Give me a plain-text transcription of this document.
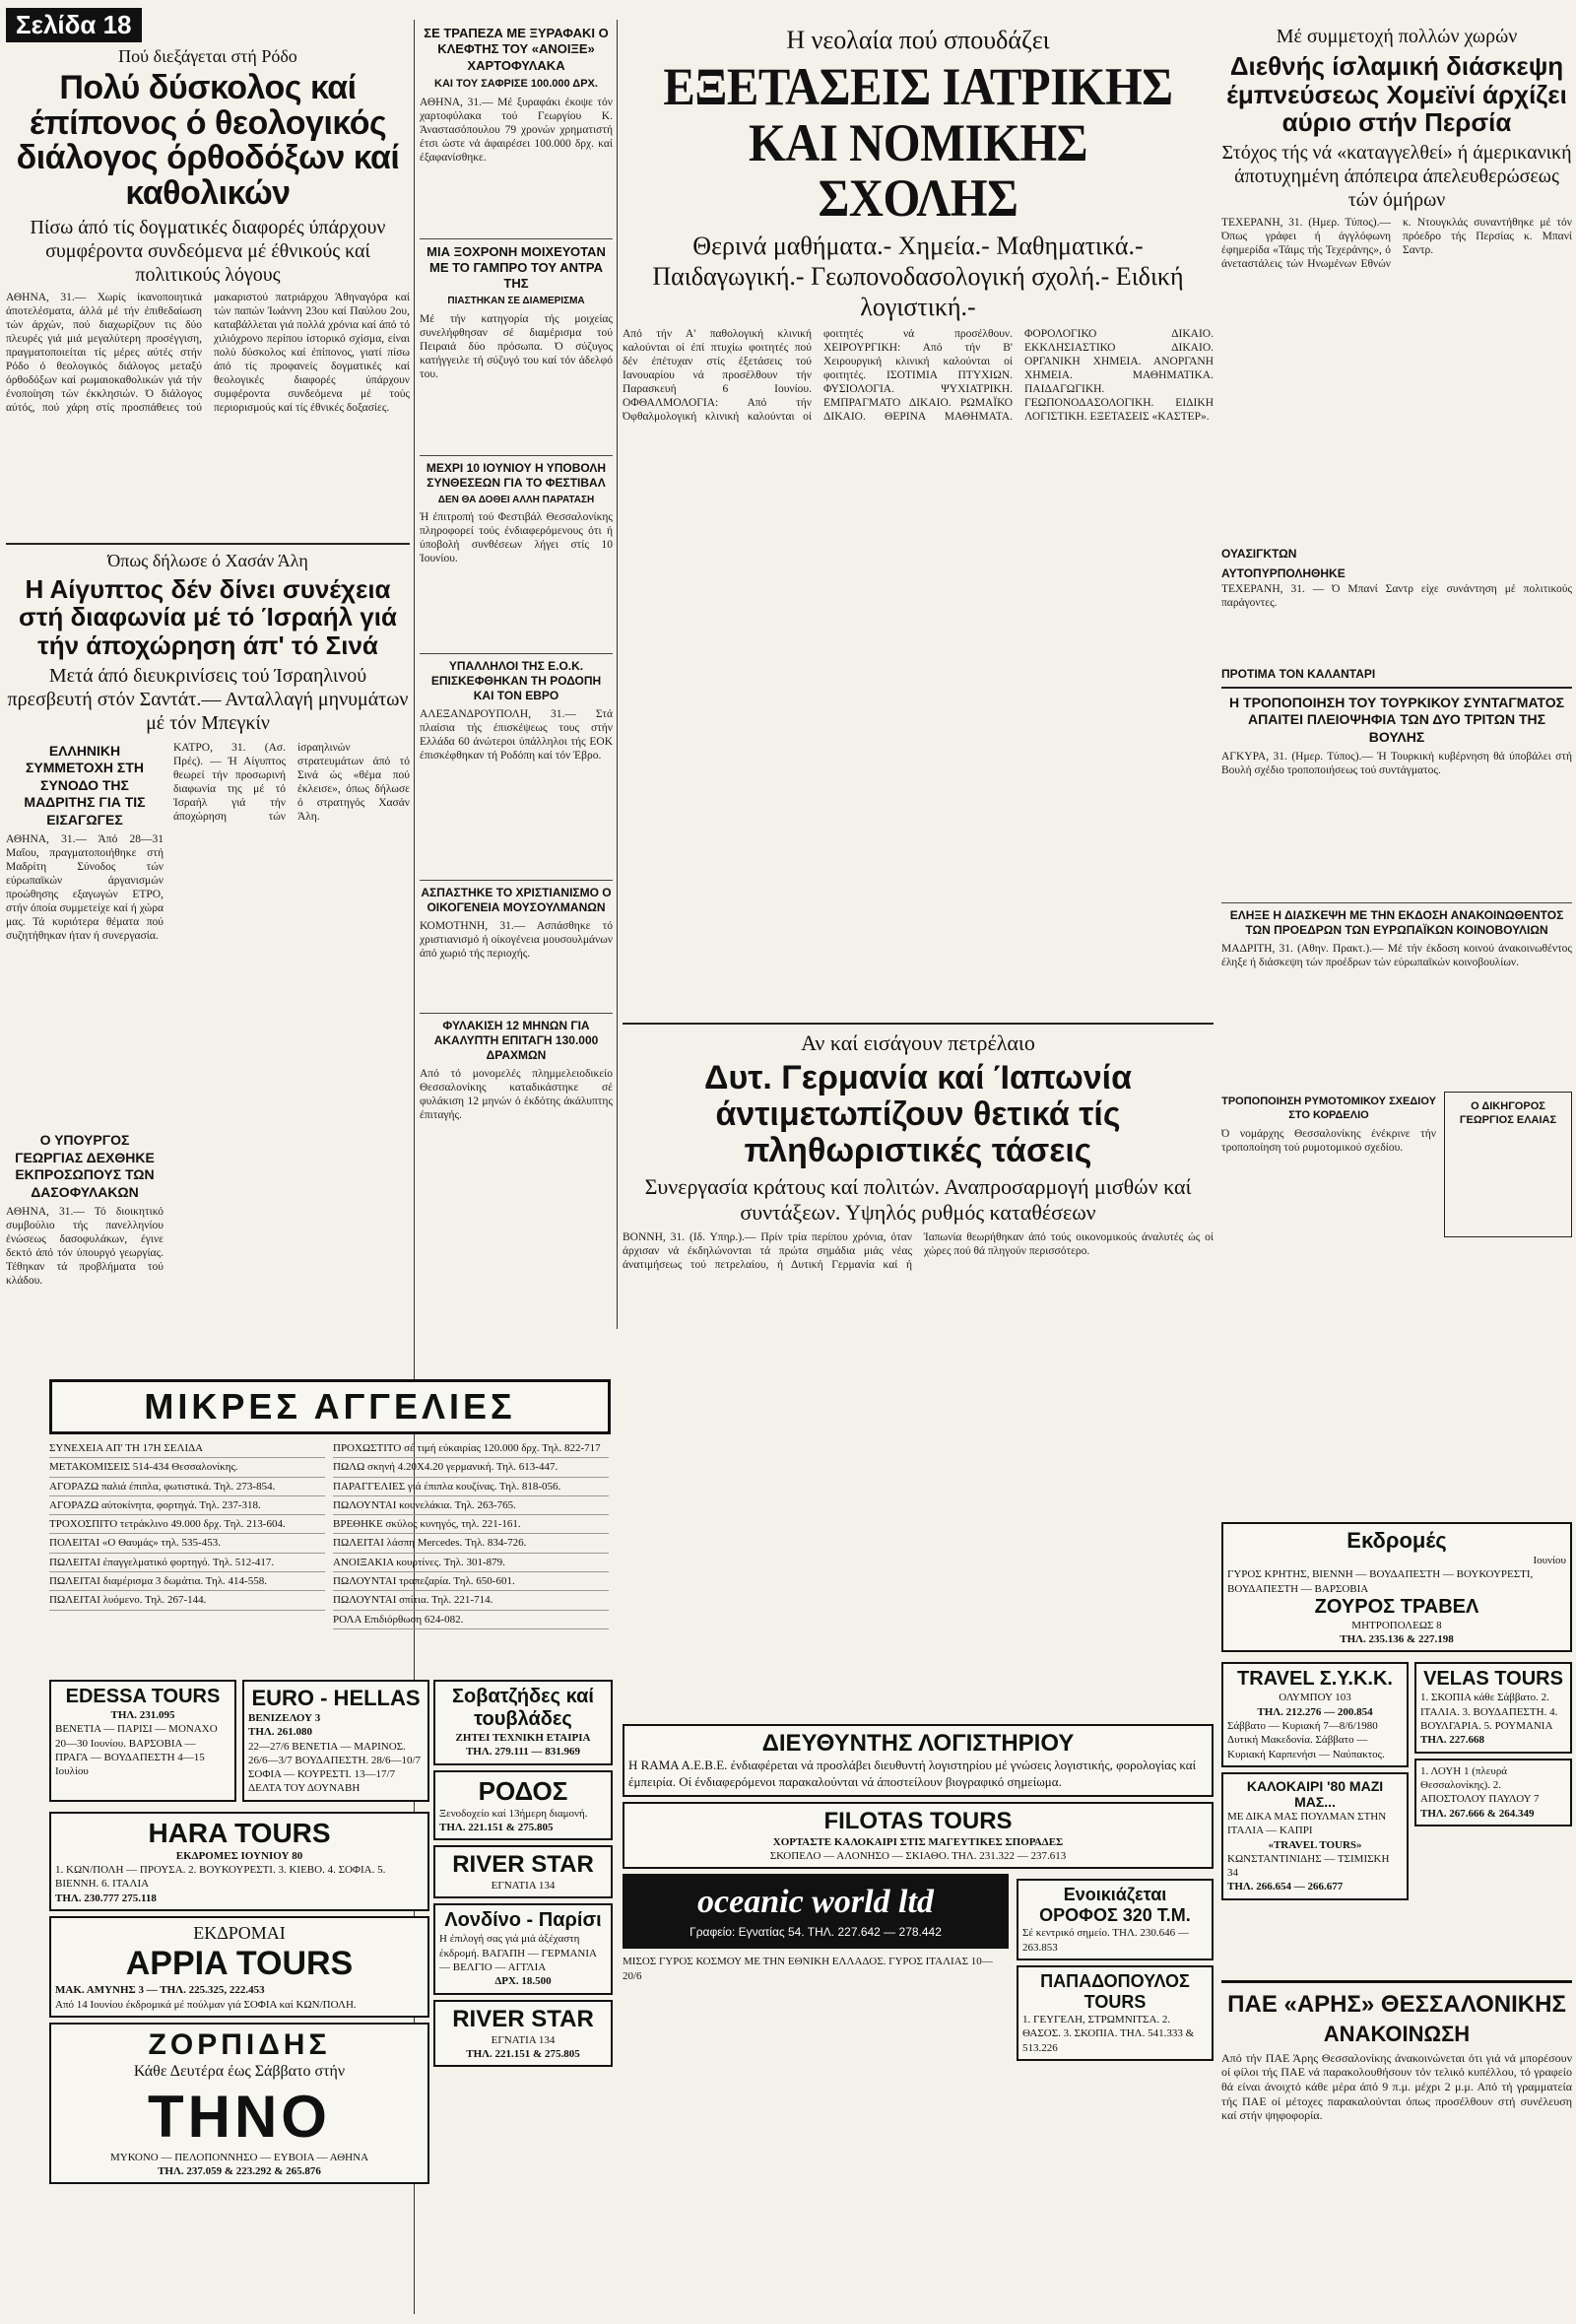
Σελίδα 18
Πού διεξάγεται στή Ρόδο
Πολύ δύσκολος καί έπίπονος ό θεολογικός διάλογος όρθοδόξων καί καθολικών
Πίσω άπό τίς δογματικές διαφορές ύπάρχουν συμφέροντα συνδεόμενα μέ έθνικούς καί πολιτικούς λόγους
ΑΘΗΝΑ, 31.— Χωρίς ίκανοποιητικά άποτελέσματα, άλλά μέ τήν έπιθεδαίωση τών άρχών, πού διαχωρίζουν τις δύο πλευρές γιά μιά μεγαλύτερη προσέγγιση, πραγματοποιείται τίς μέρες αύτές στήν Ρόδο ό θεολογικός διάλογος μεταξύ όρθοδόξων καί ρωμαιοκαθολικών γιά τήν ένοποίηση τών έκκλησιών. Ό διάλογος αύτός, πού χάρη στίς προσπάθειες τού μακαριστού πατριάρχου Άθηναγόρα καί τών παπών Ίωάννη 23ου καί Παύλου 2ου, καταβάλλεται γιά πολλά χρόνια καί άπό τό χιλιόχρονο περίπου ίστορικό σχίσμα, είναι πολύ δύσκολος καί έπίπονος, γιατί πίσω άπό τίς προφανείς δογματικές καί θεολογικές διαφορές ύπάρχουν συμφέροντα συνδεόμενα μέ τούς περιορισμούς καί τίς έθνικές δοξασίες.
Όπως δήλωσε ό Χασάν Άλη
Η Αίγυπτος δέν δίνει συνέχεια στή διαφωνία μέ τό Ίσραήλ γιά τήν άποχώρηση άπ' τό Σινά
Μετά άπό διευκρινίσεις τού Ίσραηλινού πρεσβευτή στόν Σαντάτ.— Ανταλλαγή μηνυμάτων μέ τόν Μπεγκίν
ΕΛΛΗΝΙΚΗ ΣΥΜΜΕΤΟΧΗ ΣΤΗ ΣΥΝΟΔΟ ΤΗΣ ΜΑΔΡΙΤΗΣ ΓΙΑ ΤΙΣ ΕΙΣΑΓΩΓΕΣ
ΑΘΗΝΑ, 31.— Άπό 28—31 Μαΐου, πραγματοποιήθηκε στή Μαδρίτη Σύνοδος τών εύρωπαϊκών άργανισμών προώθησης εξαγωγών ΕΤΡΟ, στήν όποία συμμετείχε καί ή χώρα μας. Τά κυριότερα θέματα πού συζητήθηκαν ήταν ή συνεργασία.
Ο ΥΠΟΥΡΓΟΣ ΓΕΩΡΓΙΑΣ ΔΕΧΘΗΚΕ ΕΚΠΡΟΣΩΠΟΥΣ ΤΩΝ ΔΑΣΟΦΥΛΑΚΩΝ
ΑΘΗΝΑ, 31.— Τό διοικητικό συμβούλιο τής πανελληνίου ένώσεως δασοφυλάκων, έγινε δεκτό άπό τόν ύπουργό γεωργίας. Τέθηκαν τά προβλήματα τού κλάδου.
ΚΑΤΡΟ, 31. (Ασ. Πρές). — Ή Αίγυπτος θεωρεί τήν προσωρινή διαφωνία της μέ τό Ίσραήλ γιά τήν άποχώρηση τών ίσραηλινών στρατευμάτων άπό τό Σινά ώς «θέμα πού έκλεισε», όπως δήλωσε ό στρατηγός Χασάν Άλη.
ΣΕ ΤΡΑΠΕΖΑ ΜΕ ΞΥΡΑΦΑΚΙ Ο ΚΛΕΦΤΗΣ ΤΟΥ «ΑΝΟΙΞΕ» ΧΑΡΤΟΦΥΛΑΚΑ
ΚΑΙ ΤΟΥ ΣΑΦΡΙΣΕ 100.000 ΔΡΧ.
ΑΘΗΝΑ, 31.— Μέ ξυραφάκι έκοψε τόν χαρτοφύλακα τού Γεωργίου Κ. Άναστασόπουλου 79 χρονών χρηματιστή έτσι ώστε νά άφαιρέσει 100.000 δρχ. καί έξαφανίσθηκε.
ΜΙΑ ΞΟΧΡΟΝΗ ΜΟΙΧΕΥΟΤΑΝ ΜΕ ΤΟ ΓΑΜΠΡΟ ΤΟΥ ΑΝΤΡΑ ΤΗΣ
ΠΙΑΣΤΗΚΑΝ ΣΕ ΔΙΑΜΕΡΙΣΜΑ
Μέ τήν κατηγορία τής μοιχείας συνελήφθησαν σέ διαμέρισμα τού Πειραιά δύο πρόσωπα. Ό σύζυγος κατήγγειλε τή σύζυγό του καί τόν άδελφό του.
ΜΕΧΡΙ 10 ΙΟΥΝΙΟΥ Η ΥΠΟΒΟΛΗ ΣΥΝΘΕΣΕΩΝ ΓΙΑ ΤΟ ΦΕΣΤΙΒΑΛ
ΔΕΝ ΘΑ ΔΟΘΕΙ ΑΛΛΗ ΠΑΡΑΤΑΣΗ
Ή έπιτροπή τού Φεστιβάλ Θεσσαλονίκης πληροφορεί τούς ένδιαφερόμενους ότι ή ύποβολή συνθέσεων λήγει στίς 10 Ίουνίου.
ΥΠΑΛΛΗΛΟΙ ΤΗΣ Ε.Ο.Κ. ΕΠΙΣΚΕΦΘΗΚΑΝ ΤΗ ΡΟΔΟΠΗ ΚΑΙ ΤΟΝ ΕΒΡΟ
ΑΛΕΞΑΝΔΡΟΥΠΟΛΗ, 31.— Στά πλαίσια τής έπισκέψεως τους στήν Ελλάδα 60 άνώτεροι ύπάλληλοι τής ΕΟΚ έπισκέφθηκαν τή Ρoδόπη καί τόν Έβρο.
ΑΣΠΑΣΤΗΚΕ ΤΟ ΧΡΙΣΤΙΑΝΙΣΜΟ Ο ΟΙΚΟΓΕΝΕΙΑ ΜΟΥΣΟΥΛΜΑΝΩΝ
ΚΟΜΟΤΗΝΗ, 31.— Ασπάσθηκε τό χριστιανισμό ή οίκογένεια μουσουλμάνων άπό χωριό τής περιοχής.
ΦΥΛΑΚΙΣΗ 12 ΜΗΝΩΝ ΓΙΑ ΑΚΑΛΥΠΤΗ ΕΠΙΤΑΓΗ 130.000 ΔΡΑΧΜΩΝ
Από τό μονομελές πλημμελειοδικείο Θεσσαλονίκης καταδικάστηκε σέ φυλάκιση 12 μηνών ό έκδότης άκάλυπτης έπιταγής.
Η νεολαία πού σπουδάζει
ΕΞΕΤΑΣΕΙΣ ΙΑΤΡΙΚΗΣ ΚΑΙ ΝΟΜΙΚΗΣ ΣΧΟΛΗΣ
Θερινά μαθήματα.- Χημεία.- Μαθηματικά.- Παιδαγωγική.- Γεωπονοδασολογική σχολή.- Ειδική λογιστική.-
Από τήν Α' παθολογική κλινική καλούνται οί έπί πτυχίω φοιτητές πού δέν έπέτυχαν στίς έξετάσεις τού Ιανουαρίου νά προσέλθουν τήν Παρασκευή 6 Ιουνίου. ΟΦΘΑΛΜΟΛΟΓΙΑ: Από τήν Όφθαλμολογική κλινική καλούνται οί φοιτητές νά προσέλθουν. ΧΕΙΡΟΥΡΓΙΚΗ: Από τήν Β' Χειρουργική κλινική καλούνται οί φοιτητές. ΙΣΟΤΙΜΙΑ ΠΤΥΧΙΩΝ. ΦΥΣΙΟΛΟΓΙΑ. ΨΥΧΙΑΤΡΙΚΗ. ΕΜΠΡΑΓΜΑΤΟ ΔΙΚΑΙΟ. ΡΩΜΑΪΚΟ ΔΙΚΑΙΟ. ΘΕΡΙΝΑ ΜΑΘΗΜΑΤΑ. ΦΟΡΟΛΟΓΙΚΟ ΔΙΚΑΙΟ. ΕΚΚΛΗΣΙΑΣΤΙΚΟ ΔΙΚΑΙΟ. ΟΡΓΑΝΙΚΗ ΧΗΜΕΙΑ. ΑΝΟΡΓΑΝΗ ΧΗΜΕΙΑ. ΜΑΘΗΜΑΤΙΚΑ. ΠΑΙΔΑΓΩΓΙΚΗ. ΓΕΩΠΟΝΟΔΑΣΟΛΟΓΙΚΗ. ΕΙΔΙΚΗ ΛΟΓΙΣΤΙΚΗ. ΕΞΕΤΑΣΕΙΣ «ΚΑΣΤΕΡ».
Αν καί εισάγουν πετρέλαιο
Δυτ. Γερμανία καί Ίαπωνία άντιμετωπίζουν θετικά τίς πληθωριστικές τάσεις
Συνεργασία κράτους καί πολιτών. Αναπροσαρμογή μισθών καί συντάξεων. Υψηλός ρυθμός καταθέσεων
ΒΟΝΝΗ, 31. (Ιδ. Υπηρ.).— Πρίν τρία περίπου χρόνια, όταν άρχισαν νά έκδηλώνονται τά πρώτα σημάδια μιάς νέας άνατιμήσεως τού πετρελαίου, ή Δυτική Γερμανία καί ή Ίαπωνία θεωρήθηκαν άπό τούς οικονομικούς άναλυτές ώς οί χώρες πού θά πληγούν περισσότερο.
Μέ συμμετοχή πολλών χωρών
Διεθνής ίσλαμική διάσκεψη έμπνεύσεως Χομεϊνί άρχίζει αύριο στήν Περσία
Στόχος τής νά «καταγγελθεί» ή άμερικανική άποτυχημένη άπόπειρα άπελευθερώσεως τών όμήρων
ΤΕΧΕΡΑΝΗ, 31. (Ημερ. Τύπος).— Όπως γράφει ή άγγλόφωνη έφημερίδα «Τάιμς τής Τεχεράνης», ό άνεταστάλεις τών Ηνωμένων Εθνών κ. Ντουγκλάς συναντήθηκε μέ τόν πρόεδρο τής Περσίας κ. Μπανί Σαντρ.
ΟΥΑΣΙΓΚΤΩΝ
ΑΥΤΟΠΥΡΠΟΛΗΘΗΚΕ
ΤΕΧΕΡΑΝΗ, 31. — Ό Μπανί Σαντρ είχε συνάντηση μέ πολιτικούς παράγοντες.
ΠΡΟΤΙΜΑ ΤΟΝ ΚΑΛΑΝΤΑΡΙ
Η ΤΡΟΠΟΠΟΙΗΣΗ ΤΟΥ ΤΟΥΡΚΙΚΟΥ ΣΥΝΤΑΓΜΑΤΟΣ ΑΠΑΙΤΕΙ ΠΛΕΙΟΨΗΦΙΑ ΤΩΝ ΔΥΟ ΤΡΙΤΩΝ ΤΗΣ ΒΟΥΛΗΣ
ΑΓΚΥΡΑ, 31. (Ημερ. Τύπος).— Ή Τουρκική κυβέρνηση θά ύποβάλει στή Βουλή σχέδιο τροποποιήσεως τού συντάγματος.
ΕΛΗΞΕ Η ΔΙΑΣΚΕΨΗ ΜΕ ΤΗΝ ΕΚΔΟΣΗ ΑΝΑΚΟΙΝΩΘΕΝΤΟΣ ΤΩΝ ΠΡΟΕΔΡΩΝ ΤΩΝ ΕΥΡΩΠΑΪΚΩΝ ΚΟΙΝΟΒΟΥΛΙΩΝ
ΜΑΔΡΙΤΗ, 31. (Αθην. Πρακτ.).— Μέ τήν έκδοση κοινού άνακοινωθέντος έληξε ή διάσκεψη τών προέδρων τών εύρωπαϊκών κοινοβουλίων.
ΤΡΟΠΟΠΟΙΗΣΗ ΡΥΜΟΤΟΜΙΚΟΥ ΣΧΕΔΙΟΥ ΣΤΟ ΚΟΡΔΕΛΙΟ
Ό νομάρχης Θεσσαλονίκης ένέκρινε τήν τροποποίηση τού ρυμοτομικού σχεδίου.
Ο ΔΙΚΗΓΟΡΟΣ ΓΕΩΡΓΙΟΣ ΕΛΑΙΑΣ
ΜΙΚΡΕΣ ΑΓΓΕΛΙΕΣ
ΣΥΝΕΧΕΙΑ ΑΠ' ΤΗ 17Η ΣΕΛΙΔΑ
ΜΕΤΑΚΟΜΙΣΕΙΣ 514-434 Θεσσαλονίκης.
ΑΓΟΡΑΖΩ παλιά έπιπλα, φωτιστικά. Τηλ. 273-854.
ΑΓΟΡΑΖΩ αύτοκίνητα, φορτηγά. Τηλ. 237-318.
ΤΡΟΧΟΣΠΙΤΟ τετράκλινο 49.000 δρχ. Τηλ. 213-604.
ΠΟΛΕΙΤΑΙ «Ο Θαυμάς» τηλ. 535-453.
ΠΩΛΕΙΤΑΙ έπαγγελματικό φορτηγό. Τηλ. 512-417.
ΠΩΛΕΙΤΑΙ διαμέρισμα 3 δωμάτια. Τηλ. 414-558.
ΠΩΛΕΙΤΑΙ λυόμενο. Τηλ. 267-144.
ΠΡΟΧΩΣΤΙΤΟ σέ τιμή εύκαιρίας 120.000 δρχ. Τηλ. 822-717
ΠΩΛΩ σκηνή 4.20Χ4.20 γερμανική. Τηλ. 613-447.
ΠΑΡΑΓΓΕΛΙΕΣ γιά έπιπλα κουζίνας. Τηλ. 818-056.
ΠΩΛΟΥΝΤΑΙ κουνελάκια. Τηλ. 263-765.
ΒΡΕΘΗΚΕ σκύλος κυνηγός, τηλ. 221-161.
ΠΩΛΕΙΤΑΙ λάσπη Mercedes. Τηλ. 834-726.
ΑΝΟΙΞΑΚΙΑ κουρτίνες. Τηλ. 301-879.
ΠΩΛΟΥΝΤΑΙ τραπεζαρία. Τηλ. 650-601.
ΠΩΛΟΥΝΤΑΙ σπίτια. Τηλ. 221-714.
ΡΟΛΑ Επιδιόρθωση 624-082.
EDESSA TOURS
ΤΗΛ. 231.095
ΒΕΝΕΤΙΑ — ΠΑΡΙΣΙ — ΜΟΝΑΧΟ 20—30 Ιουνίου. ΒΑΡΣΟΒΙΑ — ΠΡΑΓΑ — ΒΟΥΔΑΠΕΣΤΗ 4—15 Ιουλίου
EURO - HELLAS
ΒΕΝΙΖΕΛΟΥ 3
ΤΗΛ. 261.080
22—27/6 ΒΕΝΕΤΙΑ — ΜΑΡΙΝΟΣ. 26/6—3/7 ΒΟΥΔΑΠΕΣΤΗ. 28/6—10/7 ΣΟΦΙΑ — ΚΟΥΡΕΣΤΙ. 13—17/7 ΔΕΛΤΑ ΤΟΥ ΔΟΥΝΑΒΗ
HARA TOURS
ΕΚΔΡΟΜΕΣ ΙΟΥΝΙΟΥ 80
1. ΚΩΝ/ΠΟΛΗ — ΠΡΟΥΣΑ. 2. ΒΟΥΚΟΥΡΕΣΤΙ. 3. ΚΙΕΒΟ. 4. ΣΟΦΙΑ. 5. ΒΙΕΝΝΗ. 6. ΙΤΑΛΙΑ
ΤΗΛ. 230.777 275.118
ΕΚΔΡΟΜΑΙ
APPIA TOURS
ΜΑΚ. ΑΜΥΝΗΣ 3 — ΤΗΛ. 225.325, 222.453
Από 14 Ιουνίου έκδρομικά μέ πούλμαν γιά ΣΟΦΙΑ καί ΚΩΝ/ΠΟΛΗ.
ΖΟΡΠΙΔΗΣ
Κάθε Δευτέρα έως Σάββατο στήν
ΤΗΝΟ
ΜΥΚΟΝΟ — ΠΕΛΟΠΟΝΝΗΣΟ — ΕΥΒΟΙΑ — ΑΘΗΝΑ
ΤΗΛ. 237.059 & 223.292 & 265.876
Σοβατζήδες καί τουβλάδες
ΖΗΤΕΙ ΤΕΧΝΙΚΗ ΕΤΑΙΡΙΑ
ΤΗΛ. 279.111 — 831.969
ΡΟΔΟΣ
Ξενοδοχείο καί 13ήμερη διαμονή.
ΤΗΛ. 221.151 & 275.805
RIVER STAR
ΕΓΝΑΤΙΑ 134
Λονδίνο - Παρίσι
Η έπιλογή σας γιά μιά άξέχαστη έκδρομή. ΒΑΓΑΠΗ — ΓΕΡΜΑΝΙΑ — ΒΕΛΓΙΟ — ΑΓΓΛΙΑ
ΔΡΧ. 18.500
RIVER STAR
ΕΓΝΑΤΙΑ 134
ΤΗΛ. 221.151 & 275.805
ΔΙΕΥΘΥΝΤΗΣ ΛΟΓΙΣΤΗΡΙΟΥ
Η RAMA A.E.B.E. ένδιαφέρεται νά προσλάβει διευθυντή λογιστηρίου μέ γνώσεις λογιστικής, φορολογίας καί έμπειρία. Οί ένδιαφερόμενοι παρακαλούνται νά άποστείλουν βιογραφικό σημείωμα.
FILOTAS TOURS
ΧΟΡΤΑΣΤΕ ΚΑΛΟΚΑΙΡΙ ΣΤΙΣ ΜΑΓΕΥΤΙΚΕΣ ΣΠΟΡΑΔΕΣ
ΣΚΟΠΕΛΟ — ΑΛΟΝΗΣΟ — ΣΚΙΑΘΟ. ΤΗΛ. 231.322 — 237.613
oceanic world ltd
Γραφείο: Εγνατίας 54. ΤΗΛ. 227.642 — 278.442
ΜΙΣΟΣ ΓΥΡΟΣ ΚΟΣΜΟΥ ΜΕ ΤΗΝ ΕΘΝΙΚΗ ΕΛΛΑΔΟΣ. ΓΥΡΟΣ ΙΤΑΛΙΑΣ 10—20/6
Ενοικιάζεται ΟΡΟΦΟΣ 320 Τ.Μ.
Σέ κεντρικό σημείο. ΤΗΛ. 230.646 — 263.853
ΠΑΠΑΔΟΠΟΥΛΟΣ TOURS
1. ΓΕΥΓΕΛΗ, ΣΤΡΩΜΝΙΤΣΑ. 2. ΘΑΣΟΣ. 3. ΣΚΟΠΙΑ. ΤΗΛ. 541.333 & 513.226
Εκδρομές
Ιουνίου
ΓΥΡΟΣ ΚΡΗΤΗΣ, ΒΙΕΝΝΗ — ΒΟΥΔΑΠΕΣΤΗ — ΒΟΥΚΟΥΡΕΣΤΙ, ΒΟΥΔΑΠΕΣΤΗ — ΒΑΡΣΟΒΙΑ
ΖΟΥΡΟΣ ΤΡΑΒΕΛ
ΜΗΤΡΟΠΟΛΕΩΣ 8
ΤΗΛ. 235.136 & 227.198
TRAVEL Σ.Υ.Κ.Κ.
ΟΛΥΜΠΟΥ 103
ΤΗΛ. 212.276 — 200.854
Σάββατο — Κυριακή 7—8/6/1980 Δυτική Μακεδονία. Σάββατο — Κυριακή Καρπενήσι — Ναύπακτος.
ΚΑΛΟΚΑΙΡΙ '80 ΜΑΖΙ ΜΑΣ...
ΜΕ ΔΙΚΑ ΜΑΣ ΠΟΥΛΜΑΝ ΣΤΗΝ ΙΤΑΛΙΑ — ΚΑΠΡΙ
«TRAVEL TOURS»
ΚΩΝΣΤΑΝΤΙΝΙΔΗΣ — ΤΣΙΜΙΣΚΗ 34
ΤΗΛ. 266.654 — 266.677
VELAS TOURS
1. ΣΚΟΠΙΑ κάθε Σάββατο. 2. ΙΤΑΛΙΑ. 3. ΒΟΥΔΑΠΕΣΤΗ. 4. ΒΟΥΛΓΑΡΙΑ. 5. ΡΟΥΜΑΝΙΑ
ΤΗΛ. 227.668
1. ΛΟΥΗ 1 (πλευρά Θεσσαλονίκης). 2. ΑΠΟΣΤΟΛΟΥ ΠΑΥΛΟΥ 7
ΤΗΛ. 267.666 & 264.349
ΠΑΕ «ΑΡΗΣ» ΘΕΣΣΑΛΟΝΙΚΗΣ
ΑΝΑΚΟΙΝΩΣΗ
Από τήν ΠΑΕ Άρης Θεσσαλονίκης άνακοινώνεται ότι γιά νά μπορέσουν οί φίλοι τής ΠΑΕ νά παρακολουθήσουν τόν τελικό κυπέλλου, τό γραφείο θά είναι άνοιχτό κάθε μέρα άπό 9 π.μ. μέχρι 2 μ.μ. Από τή γραμματεία τής ΠΑΕ οί μέτοχες παρακαλούνται όπως προσέλθουν στή συνέλευση καί στήν ψηφοφορία.
